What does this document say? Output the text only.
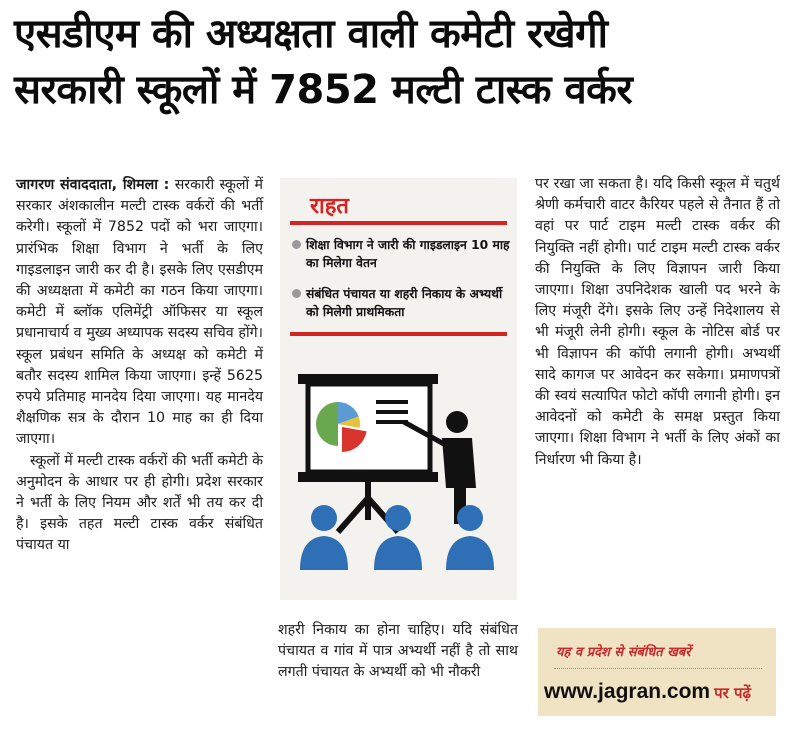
एसडीएम की अध्यक्षता वाली कमेटी रखेगी
सरकारी स्कूलों में 7852 मल्टी टास्क वर्कर

जागरण संवाददाता, शिमला : सरकारी स्कूलों में सरकार अंशकालीन मल्टी टास्क वर्करों की भर्ती करेगी। स्कूलों में 7852 पदों को भरा जाएगा। प्रारंभिक शिक्षा विभाग ने भर्ती के लिए गाइडलाइन जारी कर दी है। इसके लिए एसडीएम की अध्यक्षता में कमेटी का गठन किया जाएगा। कमेटी में ब्लॉक एलिमेंट्री ऑफिसर या स्कूल प्रधानाचार्य व मुख्य अध्यापक सदस्य सचिव होंगे। स्कूल प्रबंधन समिति के अध्यक्ष को कमेटी में बतौर सदस्य शामिल किया जाएगा। इन्हें 5625 रुपये प्रतिमाह मानदेय दिया जाएगा। यह मानदेय शैक्षणिक सत्र के दौरान 10 माह का ही दिया जाएगा।

स्कूलों में मल्टी टास्क वर्करों की भर्ती कमेटी के अनुमोदन के आधार पर ही होगी। प्रदेश सरकार ने भर्ती के लिए नियम और शर्तें भी तय कर दी है। इसके तहत मल्टी टास्क वर्कर संबंधित पंचायत या

राहत
शिक्षा विभाग ने जारी की गाइडलाइन 10 माह का मिलेगा वेतन
संबंधित पंचायत या शहरी निकाय के अभ्यर्थी को मिलेगी प्राथमिकता

शहरी निकाय का होना चाहिए। यदि संबंधित पंचायत व गांव में पात्र अभ्यर्थी नहीं है तो साथ लगती पंचायत के अभ्यर्थी को भी नौकरी

पर रखा जा सकता है। यदि किसी स्कूल में चतुर्थ श्रेणी कर्मचारी वाटर कैरियर पहले से तैनात हैं तो वहां पर पार्ट टाइम मल्टी टास्क वर्कर की नियुक्ति नहीं होगी। पार्ट टाइम मल्टी टास्क वर्कर की नियुक्ति के लिए विज्ञापन जारी किया जाएगा। शिक्षा उपनिदेशक खाली पद भरने के लिए मंजूरी देंगे। इसके लिए उन्हें निदेशालय से भी मंजूरी लेनी होगी। स्कूल के नोटिस बोर्ड पर भी विज्ञापन की कॉपी लगानी होगी। अभ्यर्थी सादे कागज पर आवेदन कर सकेगा। प्रमाणपत्रों की स्वयं सत्यापित फोटो कॉपी लगानी होगी। इन आवेदनों को कमेटी के समक्ष प्रस्तुत किया जाएगा। शिक्षा विभाग ने भर्ती के लिए अंकों का निर्धारण भी किया है।

यह व प्रदेश से संबंधित खबरें
www.jagran.com पर पढ़ें
